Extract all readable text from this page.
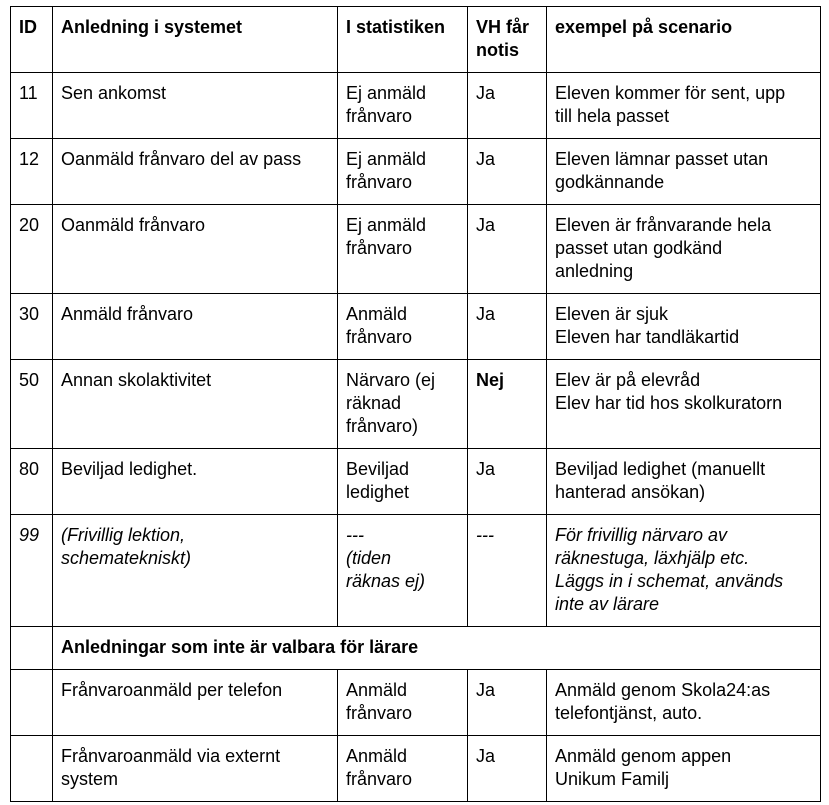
ID	Anledning i systemet	I statistiken	VH får
notis	exempel på scenario

11	Sen ankomst	Ej anmäld
frånvaro	Ja	Eleven kommer för sent, upp
till hela passet

12	Oanmäld frånvaro del av pass	Ej anmäld
frånvaro	Ja	Eleven lämnar passet utan
godkännande

20	Oanmäld frånvaro	Ej anmäld
frånvaro	Ja	Eleven är frånvarande hela
passet utan godkänd
anledning

30	Anmäld frånvaro	Anmäld
frånvaro	Ja	Eleven är sjuk
Eleven har tandläkartid

50	Annan skolaktivitet	Närvaro (ej
räknad
frånvaro)	Nej	Elev är på elevråd
Elev har tid hos skolkuratorn

80	Beviljad ledighet.	Beviljad
ledighet	Ja	Beviljad ledighet (manuellt
hanterad ansökan)

99	(Frivillig lektion,
schematekniskt)	---
(tiden
räknas ej)	---	För frivillig närvaro av
räknestuga, läxhjälp etc.
Läggs in i schemat, används
inte av lärare

	Anledningar som inte är valbara för lärare			

	Frånvaroanmäld per telefon	Anmäld
frånvaro	Ja	Anmäld genom Skola24:as
telefontjänst, auto.

	Frånvaroanmäld via externt
system	Anmäld
frånvaro	Ja	Anmäld genom appen
Unikum Familj
